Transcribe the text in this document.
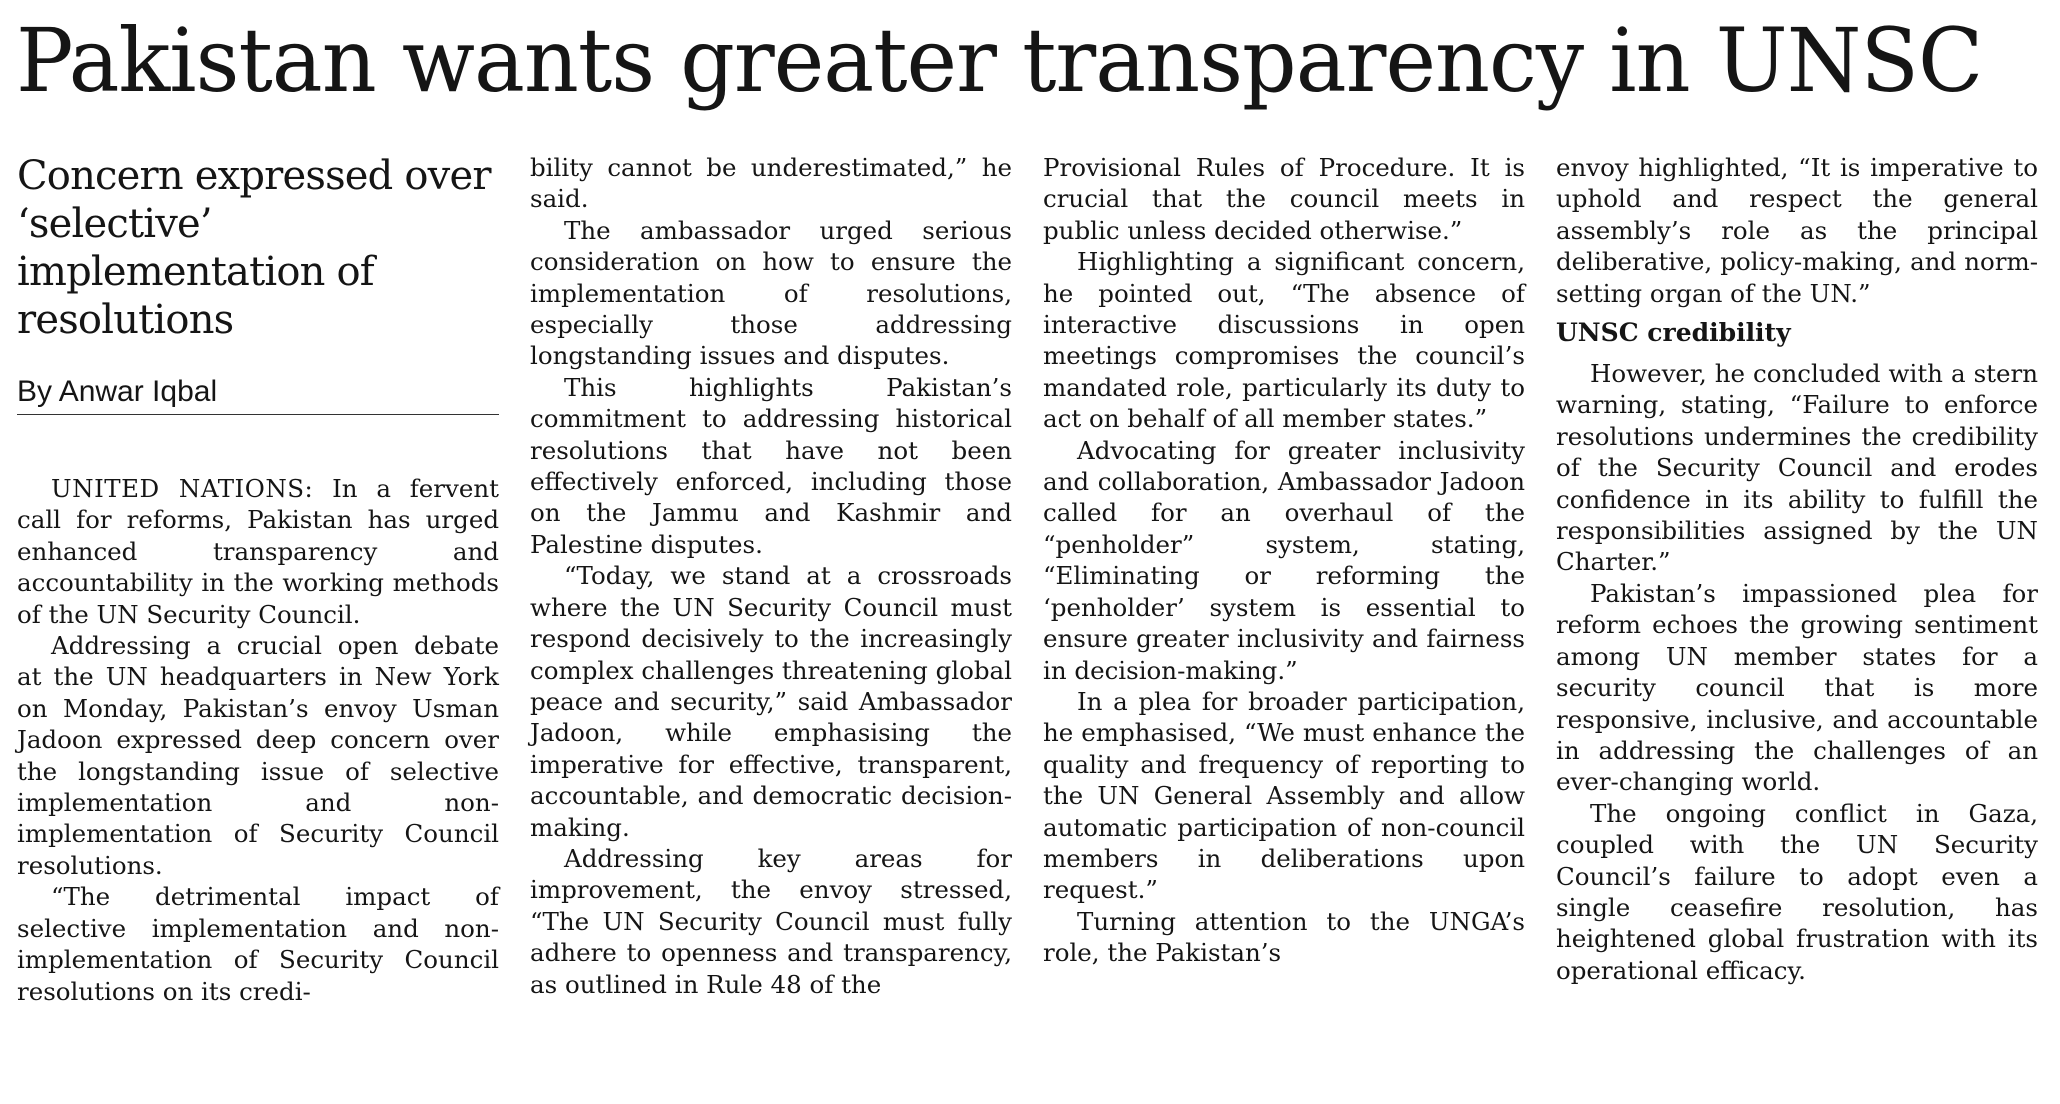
Pakistan wants greater transparency in UNSC

Concern expressed over ‘selective’ implementation of resolutions

By Anwar Iqbal

UNITED NATIONS: In a fervent call for reforms, Pakistan has urged enhanced transparency and accountability in the working methods of the UN Security Council.

Addressing a crucial open debate at the UN headquarters in New York on Monday, Pakistan’s envoy Usman Jadoon expressed deep concern over the longstanding issue of selective implementation and non-implementation of Security Council resolutions.

“The detrimental impact of selective implementation and non-implementation of Security Council resolutions on its credi-

bility cannot be underestimated,” he said.

The ambassador urged serious consideration on how to ensure the implementation of resolutions, especially those addressing longstanding issues and disputes.

This highlights Pakistan’s commitment to addressing historical resolutions that have not been effectively enforced, including those on the Jammu and Kashmir and Palestine disputes.

“Today, we stand at a crossroads where the UN Security Council must respond decisively to the increasingly complex challenges threatening global peace and security,” said Ambassador Jadoon, while emphasising the imperative for effective, transparent, accountable, and democratic decision-making.

Addressing key areas for improvement, the envoy stressed, “The UN Security Council must fully adhere to openness and transparency, as outlined in Rule 48 of the

Provisional Rules of Procedure. It is crucial that the council meets in public unless decided otherwise.”

Highlighting a significant concern, he pointed out, “The absence of interactive discussions in open meetings compromises the council’s mandated role, particularly its duty to act on behalf of all member states.”

Advocating for greater inclusivity and collaboration, Ambassador Jadoon called for an overhaul of the “penholder” system, stating, “Eliminating or reforming the ‘penholder’ system is essential to ensure greater inclusivity and fairness in decision-making.”

In a plea for broader participation, he emphasised, “We must enhance the quality and frequency of reporting to the UN General Assembly and allow automatic participation of non-council members in deliberations upon request.”

Turning attention to the UNGA’s role, the Pakistan’s

envoy highlighted, “It is imperative to uphold and respect the general assembly’s role as the principal deliberative, policy-making, and norm-setting organ of the UN.”

UNSC credibility

However, he concluded with a stern warning, stating, “Failure to enforce resolutions undermines the credibility of the Security Council and erodes confidence in its ability to fulfill the responsibilities assigned by the UN Charter.”

Pakistan’s impassioned plea for reform echoes the growing sentiment among UN member states for a security council that is more responsive, inclusive, and accountable in addressing the challenges of an ever-changing world.

The ongoing conflict in Gaza, coupled with the UN Security Council’s failure to adopt even a single ceasefire resolution, has heightened global frustration with its operational efficacy.
